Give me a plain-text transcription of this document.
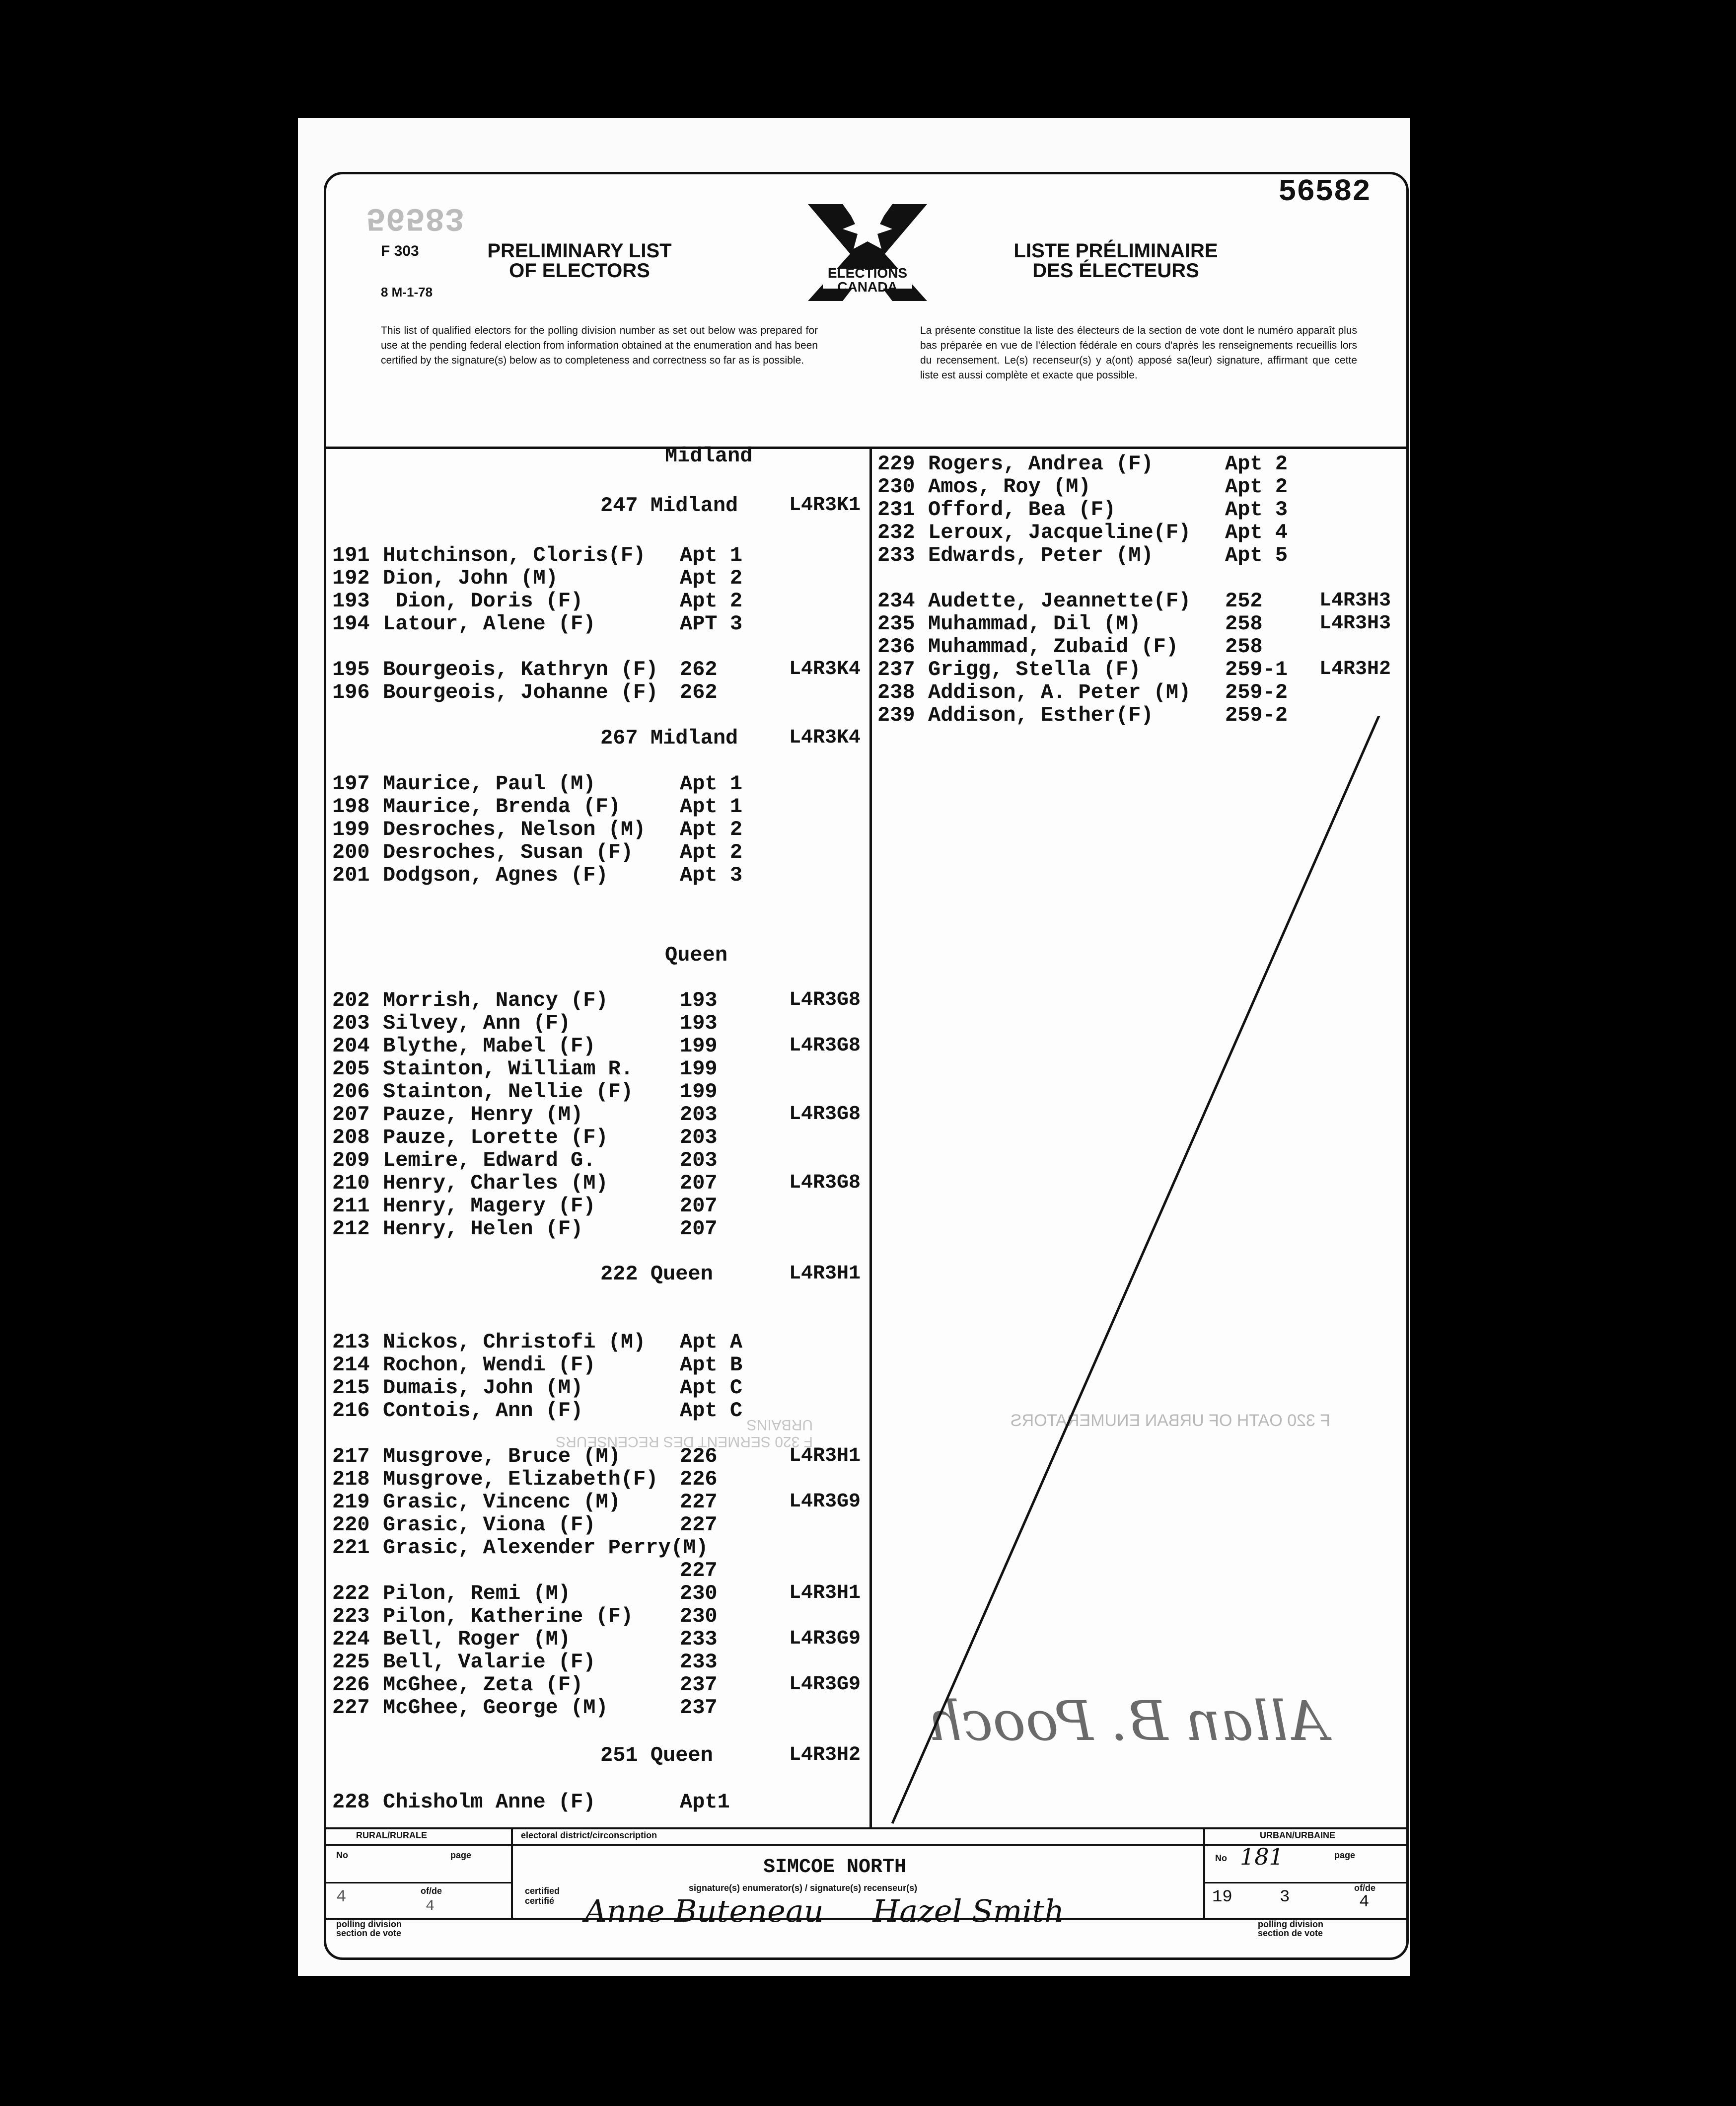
56583
56582
F 303
8 M-1-78
PRELIMINARY LIST OF ELECTORS
LISTE PRÉLIMINAIRE DES ÉLECTEURS
ELECTIONS CANADA
This list of qualified electors for the polling division number as set out below was prepared for use at the pending federal election from information obtained at the enumeration and has been certified by the signature(s) below as to completeness and correctness so far as is possible.
La présente constitue la liste des électeurs de la section de vote dont le numéro apparaît plus bas préparée en vue de l'élection fédérale en cours d'après les renseignements recueillis lors du recensement. Le(s) recenseur(s) y a(ont) apposé sa(leur) signature, affirmant que cette liste est aussi complète et exacte que possible.
Midland
247 Midland	L4R3K1
191 Hutchinson, Cloris(F) Apt 1
192 Dion, John (M)	Apt 2
193 Dion, Doris (F)	Apt 2
194 Latour, Alene (F)	APT 3
195 Bourgeois, Kathryn (F) 262	L4R3K4
196 Bourgeois, Johanne (F) 262
267 Midland	L4R3K4
197 Maurice, Paul (M)	Apt 1
198 Maurice, Brenda (F)	Apt 1
199 Desroches, Nelson (M) Apt 2
200 Desroches, Susan (F) Apt 2
201 Dodgson, Agnes (F)	Apt 3
Queen
202 Morrish, Nancy (F)	193	L4R3G8
203 Silvey, Ann (F)	193
204 Blythe, Mabel (F)	199	L4R3G8
205 Stainton, William R. 199
206 Stainton, Nellie (F) 199
207 Pauze, Henry (M)	203	L4R3G8
208 Pauze, Lorette (F)	203
209 Lemire, Edward G.	203
210 Henry, Charles (M)	207	L4R3G8
211 Henry, Magery (F)	207
212 Henry, Helen (F)	207
222 Queen	L4R3H1
213 Nickos, Christofi (M) Apt A
214 Rochon, Wendi (F)	Apt B
215 Dumais, John (M)	Apt C
216 Contois, Ann (F)	Apt C
217 Musgrove, Bruce (M)	226	L4R3H1
218 Musgrove, Elizabeth(F) 226
219 Grasic, Vincenc (M)	227	L4R3G9
220 Grasic, Viona (F)	227
221 Grasic, Alexender Perry(M)
227
222 Pilon, Remi (M)	230	L4R3H1
223 Pilon, Katherine (F) 230
224 Bell, Roger (M)	233	L4R3G9
225 Bell, Valarie (F)	233
226 McGhee, Zeta (F)	237	L4R3G9
227 McGhee, George (M)	237
251 Queen	L4R3H2
228 Chisholm Anne (F)	Apt1
229 Rogers, Andrea (F)	Apt 2
230 Amos, Roy (M)	Apt 2
231 Offord, Bea (F)	Apt 3
232 Leroux, Jacqueline(F) Apt 4
233 Edwards, Peter (M)	Apt 5
234 Audette, Jeannette(F) 252	L4R3H3
235 Muhammad, Dil (M)	258	L4R3H3
236 Muhammad, Zubaid (F) 258
237 Grigg, Stella (F)	259-1 L4R3H2
238 Addison, A. Peter (M) 259-2
239 Addison, Esther(F)	259-2
F 320 OATH OF URBAN ENUMERATORS
F 320 SERMENT DES RECENSEURS URBAINS
Allan B. Pooch
RURAL/RURALE	URBAN/URBAINE
electoral district/circonscription
SIMCOE NORTH
No	page
of/de
4	4
No 181	page
19	3	of/de
4
certified
certifié
signature(s) enumerator(s) / signature(s) recenseur(s)
polling division
section de vote
polling division
section de vote
Anne Buteneau     Hazel Smith
